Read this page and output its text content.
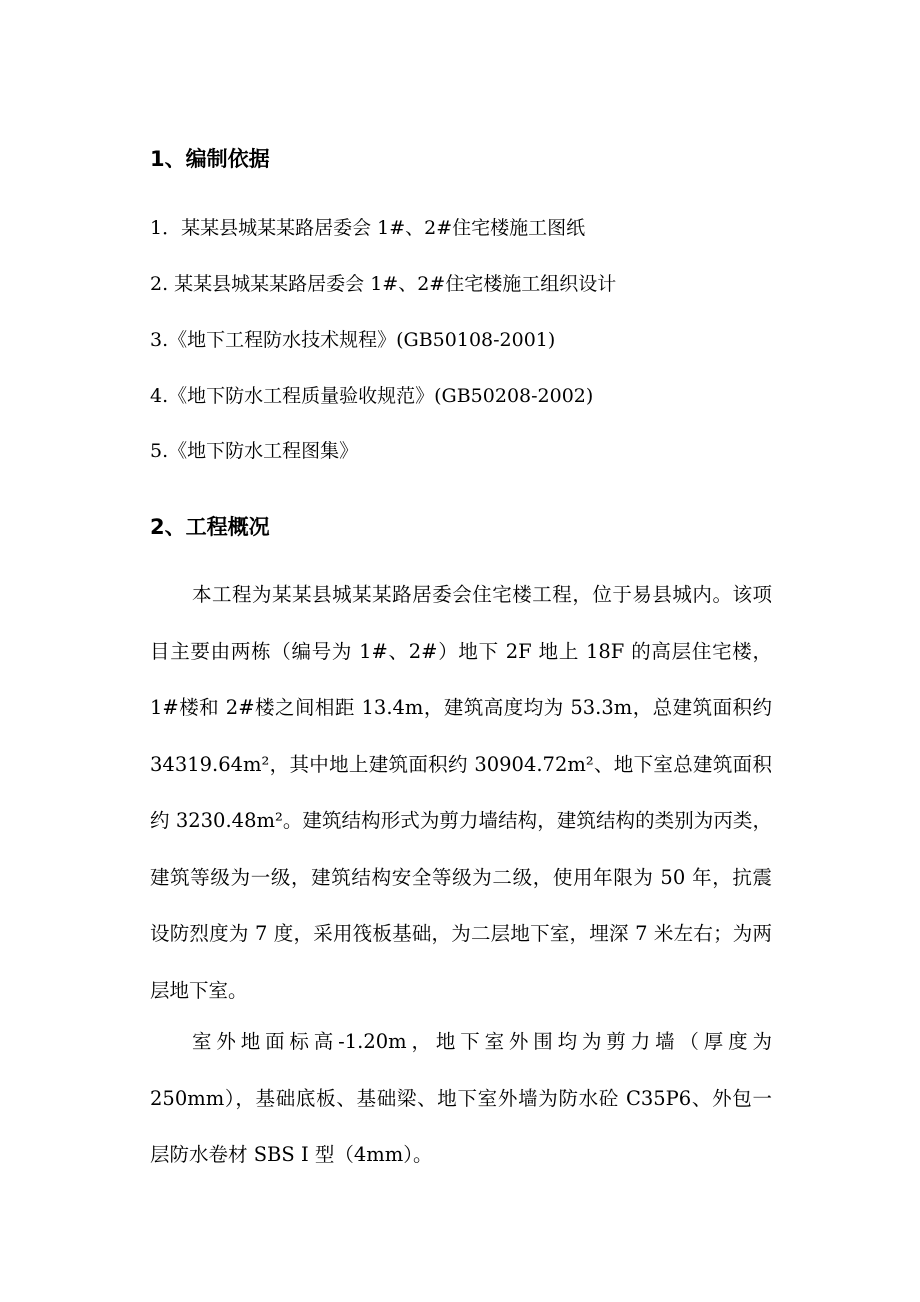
1、编制依据
1．某某县城某某路居委会 1#、2#住宅楼施工图纸
2. 某某县城某某路居委会 1#、2#住宅楼施工组织设计
3.《地下工程防水技术规程》(GB50108-2001)
4.《地下防水工程质量验收规范》(GB50208-2002)
5.《地下防水工程图集》
2、工程概况

本工程为某某县城某某路居委会住宅楼工程，位于易县城内。该项目主要由两栋（编号为 1#、2#）地下 2F 地上 18F 的高层住宅楼，1#楼和 2#楼之间相距 13.4m，建筑高度均为 53.3m，总建筑面积约 34319.64m²，其中地上建筑面积约 30904.72m²、地下室总建筑面积约 3230.48m²。建筑结构形式为剪力墙结构，建筑结构的类别为丙类，建筑等级为一级，建筑结构安全等级为二级，使用年限为 50 年，抗震设防烈度为 7 度，采用筏板基础，为二层地下室，埋深 7 米左右；为两层地下室。

室外地面标高-1.20m，地下室外围均为剪力墙（厚度为 250mm），基础底板、基础梁、地下室外墙为防水砼 C35P6、外包一层防水卷材 SBS Ⅰ 型（4mm）。
